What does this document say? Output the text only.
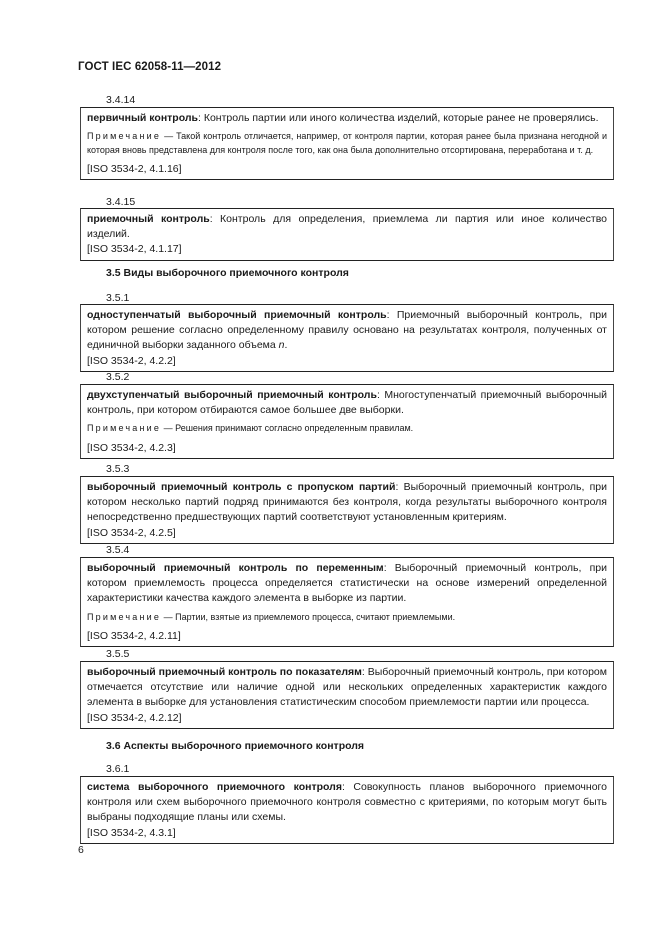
ГОСТ IEC 62058-11—2012
3.4.14

первичный контроль: Контроль партии или иного количества изделий, которые ранее не проверялись.

Примечание — Такой контроль отличается, например, от контроля партии, которая ранее была признана негодной и которая вновь представлена для контроля после того, как она была дополнительно отсортирована, переработана и т. д.

[ISO 3534-2, 4.1.16]

3.4.15

приемочный контроль: Контроль для определения, приемлема ли партия или иное количество изделий.

[ISO 3534-2, 4.1.17]

3.5 Виды выборочного приемочного контроля
3.5.1

одноступенчатый выборочный приемочный контроль: Приемочный выборочный контроль, при котором решение согласно определенному правилу основано на результатах контроля, полученных от единичной выборки заданного объема n.

[ISO 3534-2, 4.2.2]

3.5.2

двухступенчатый выборочный приемочный контроль: Многоступенчатый приемочный выборочный контроль, при котором отбираются самое большее две выборки.

Примечание — Решения принимают согласно определенным правилам.

[ISO 3534-2, 4.2.3]

3.5.3

выборочный приемочный контроль с пропуском партий: Выборочный приемочный контроль, при котором несколько партий подряд принимаются без контроля, когда результаты выборочного контроля непосредственно предшествующих партий соответствуют установленным критериям.

[ISO 3534-2, 4.2.5]

3.5.4

выборочный приемочный контроль по переменным: Выборочный приемочный контроль, при котором приемлемость процесса определяется статистически на основе измерений определенной характеристики качества каждого элемента в выборке из партии.

Примечание — Партии, взятые из приемлемого процесса, считают приемлемыми.

[ISO 3534-2, 4.2.11]

3.5.5

выборочный приемочный контроль по показателям: Выборочный приемочный контроль, при котором отмечается отсутствие или наличие одной или нескольких определенных характеристик каждого элемента в выборке для установления статистическим способом приемлемости партии или процесса.

[ISO 3534-2, 4.2.12]

3.6 Аспекты выборочного приемочного контроля
3.6.1

система выборочного приемочного контроля: Совокупность планов выборочного приемочного контроля или схем выборочного приемочного контроля совместно с критериями, по которым могут быть выбраны подходящие планы или схемы.

[ISO 3534-2, 4.3.1]

6
